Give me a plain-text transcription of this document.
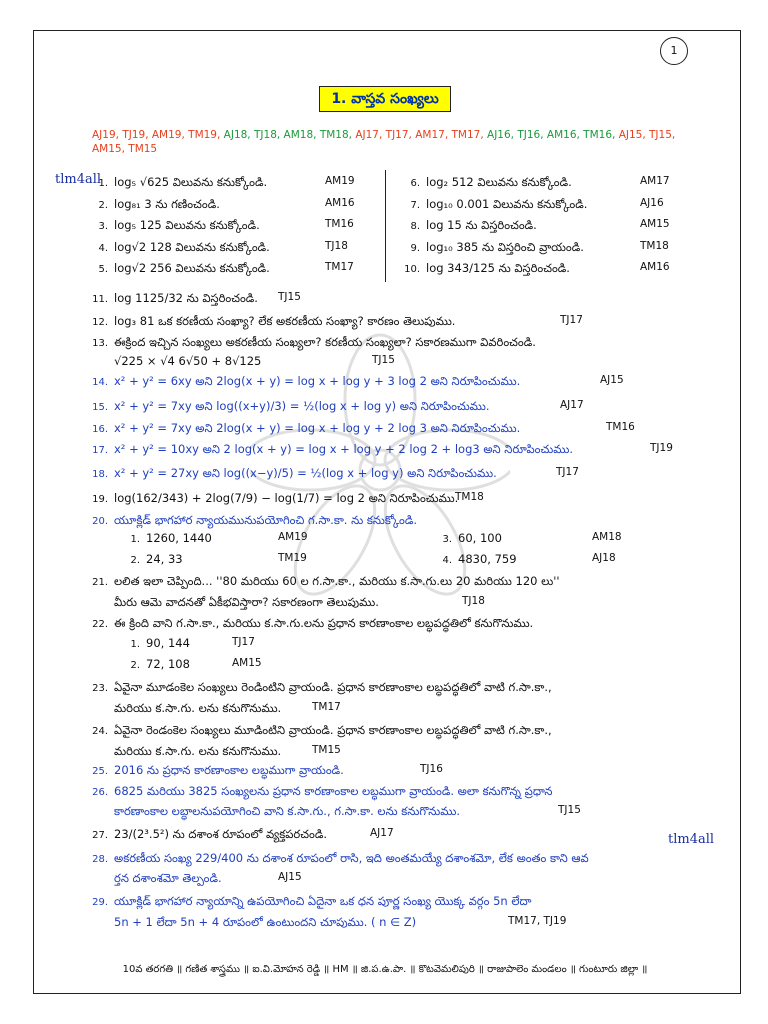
1
1. వాస్తవ సంఖ్యలు
AJ19, TJ19, AM19, TM19, AJ18, TJ18, AM18, TM18, AJ17, TJ17, AM17, TM17, AJ16, TJ16, AM16, TM16, AJ15, TJ15, AM15, TM15
tlm4all
tlm4all
1. log₅ √625 విలువను కనుక్కోండి.	AM19
2. log₈₁ 3 ను గణించండి.	AM16
3. log₅ 125 విలువను కనుక్కోండి.	TM16
4. log√2 128 విలువను కనుక్కోండి.	TJ18
5. log√2 256 విలువను కనుక్కోండి.	TM17
6. log₂ 512 విలువను కనుక్కోండి.	AM17
7. log₁₀ 0.001 విలువను కనుక్కోండి.	AJ16
8. log 15 ను విస్తరించండి.	AM15
9. log₁₀ 385 ను విస్తరించి వ్రాయండి.	TM18
10. log 343/125 ను విస్తరించండి.	AM16
11. log 1125/32 ను విస్తరించండి. TJ15
12. log₃ 81 ఒక కరణీయ సంఖ్యా? లేక అకరణీయ సంఖ్యా? కారణం తెలుపుము.	TJ17
13. ఈక్రింద ఇచ్చిన సంఖ్యలు అకరణీయ సంఖ్యలా? కరణీయ సంఖ్యలా? సకారణముగా వివరించండి.
√225 × √4 6√50 + 8√125	TJ15
14. x² + y² = 6xy అని 2log(x + y) = log x + log y + 3 log 2 అని నిరూపించుము.	AJ15
15. x² + y² = 7xy అని log((x+y)/3) = ½(log x + log y) అని నిరూపించుము.	AJ17
16. x² + y² = 7xy అని 2log(x + y) = log x + log y + 2 log 3 అని నిరూపించుము.	TM16
17. x² + y² = 10xy అని 2 log(x + y) = log x + log y + 2 log 2 + log3 అని నిరూపించుము.	TJ19
18. x² + y² = 27xy అని log((x−y)/5) = ½(log x + log y) అని నిరూపించుము.	TJ17
19. log(162/343) + 2log(7/9) − log(1/7) = log 2 అని నిరూపించుము.
TM18
20. యూక్లిడ్ భాగహార న్యాయమునుపయోగించి గ.సా.కా. ను కనుక్కోండి.
1. 1260, 1440	AM19	3. 60, 100	AM18
2. 24, 33	TM19	4. 4830, 759	AJ18
21. లలిత ఇలా చెప్పింది... ''80 మరియు 60 ల గ.సా.కా., మరియు క.సా.గు.లు 20 మరియు 120 లు''
మీరు ఆమె వాదనతో ఏకీభవిస్తారా? సకారణంగా తెలుపుము.	TJ18
22. ఈ క్రింది వాని గ.సా.కా., మరియు క.సా.గు.లను ప్రధాన కారణాంకాల లబ్ధపద్ధతిలో కనుగొనుము.
1. 90, 144	TJ17
2. 72, 108	AM15
23. ఏవైనా మూడంకెల సంఖ్యలు రెండింటిని వ్రాయండి. ప్రధాన కారణాంకాల లబ్ధపద్ధతిలో వాటి గ.సా.కా.,
మరియు క.సా.గు. లను కనుగొనుము.	TM17
24. ఏవైనా రెండంకెల సంఖ్యలు మూడింటిని వ్రాయండి. ప్రధాన కారణాంకాల లబ్ధపద్ధతిలో వాటి గ.సా.కా.,
మరియు క.సా.గు. లను కనుగొనుము.	TM15
25. 2016 ను ప్రధాన కారణాంకాల లబ్ధముగా వ్రాయండి.	TJ16
26. 6825 మరియు 3825 సంఖ్యలను ప్రధాన కారణాంకాల లబ్ధముగా వ్రాయండి. అలా కనుగొన్న ప్రధాన
కారణాంకాల లబ్ధాలనుపయోగించి వాని క.సా.గు., గ.సా.కా. లను కనుగొనుము.	TJ15
27. 23/(2³.5²) ను దశాంశ రూపంలో వ్యక్తపరచండి.	AJ17
28. అకరణీయ సంఖ్య 229/400 ను దశాంశ రూపంలో రాసి, ఇది అంతమయ్యే దశాంశమో, లేక అంతం కాని ఆవ
ర్తన దశాంశమో తెల్పండి.	AJ15
29. యూక్లిడ్ భాగహార న్యాయాన్ని ఉపయోగించి ఏదైనా ఒక ధన పూర్ణ సంఖ్య యొక్క వర్గం 5n లేదా
5n + 1 లేదా 5n + 4 రూపంలో ఉంటుందని చూపుము. ( n ∈ Z)	TM17, TJ19
10వ తరగతి ॥ గణిత శాస్త్రము ॥ ఐ.వి.మోహన రెడ్డి ॥ HM ॥ జి.ప.ఉ.పా. ॥ కొటవెమలిపురి ॥ రాజుపాలెం మండలం ॥ గుంటూరు జిల్లా ॥
